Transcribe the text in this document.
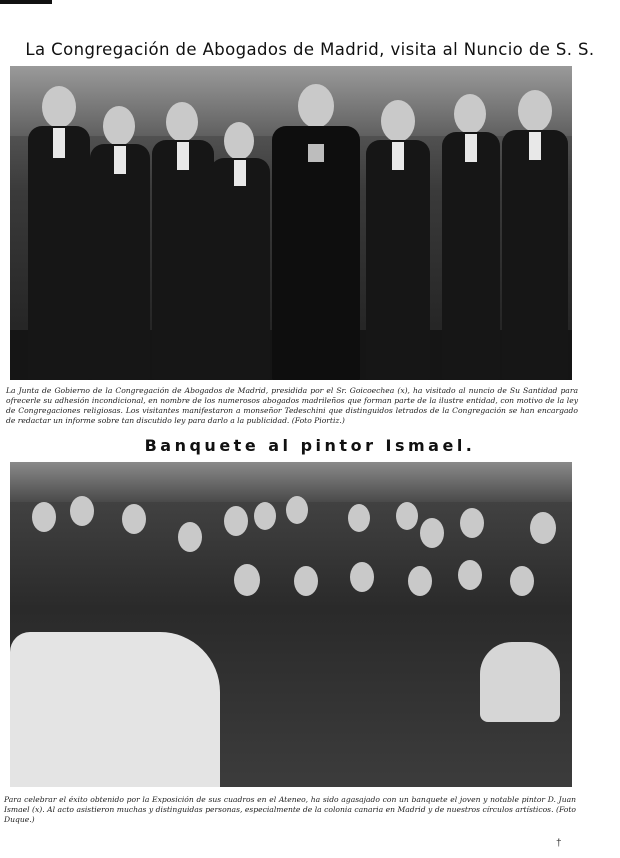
La Congregación de Abogados de Madrid, visita al Nuncio de S. S.
La Junta de Gobierno de la Congregación de Abogados de Madrid, presidida por el Sr. Goicoechea (x), ha visitado al nuncio de Su Santidad para ofrecerle su adhesión incondicional, en nombre de los numerosos abogados madrileños que forman parte de la ilustre entidad, con motivo de la ley de Congregaciones religiosas. Los visitantes manifestaron a monseñor Tedeschini que distinguidos letrados de la Congregación se han encargado de redactar un informe sobre tan discutido ley para darlo a la publicidad. (Foto Piortiz.)
Banquete al pintor Ismael.
Para celebrar el éxito obtenido por la Exposición de sus cuadros en el Ateneo, ha sido agasajado con un banquete el joven y notable pintor D. Juan Ismael (x). Al acto asistieron muchas y distinguidas personas, especialmente de la colonia canaria en Madrid y de nuestros círculos artísticos. (Foto Duque.)
†
